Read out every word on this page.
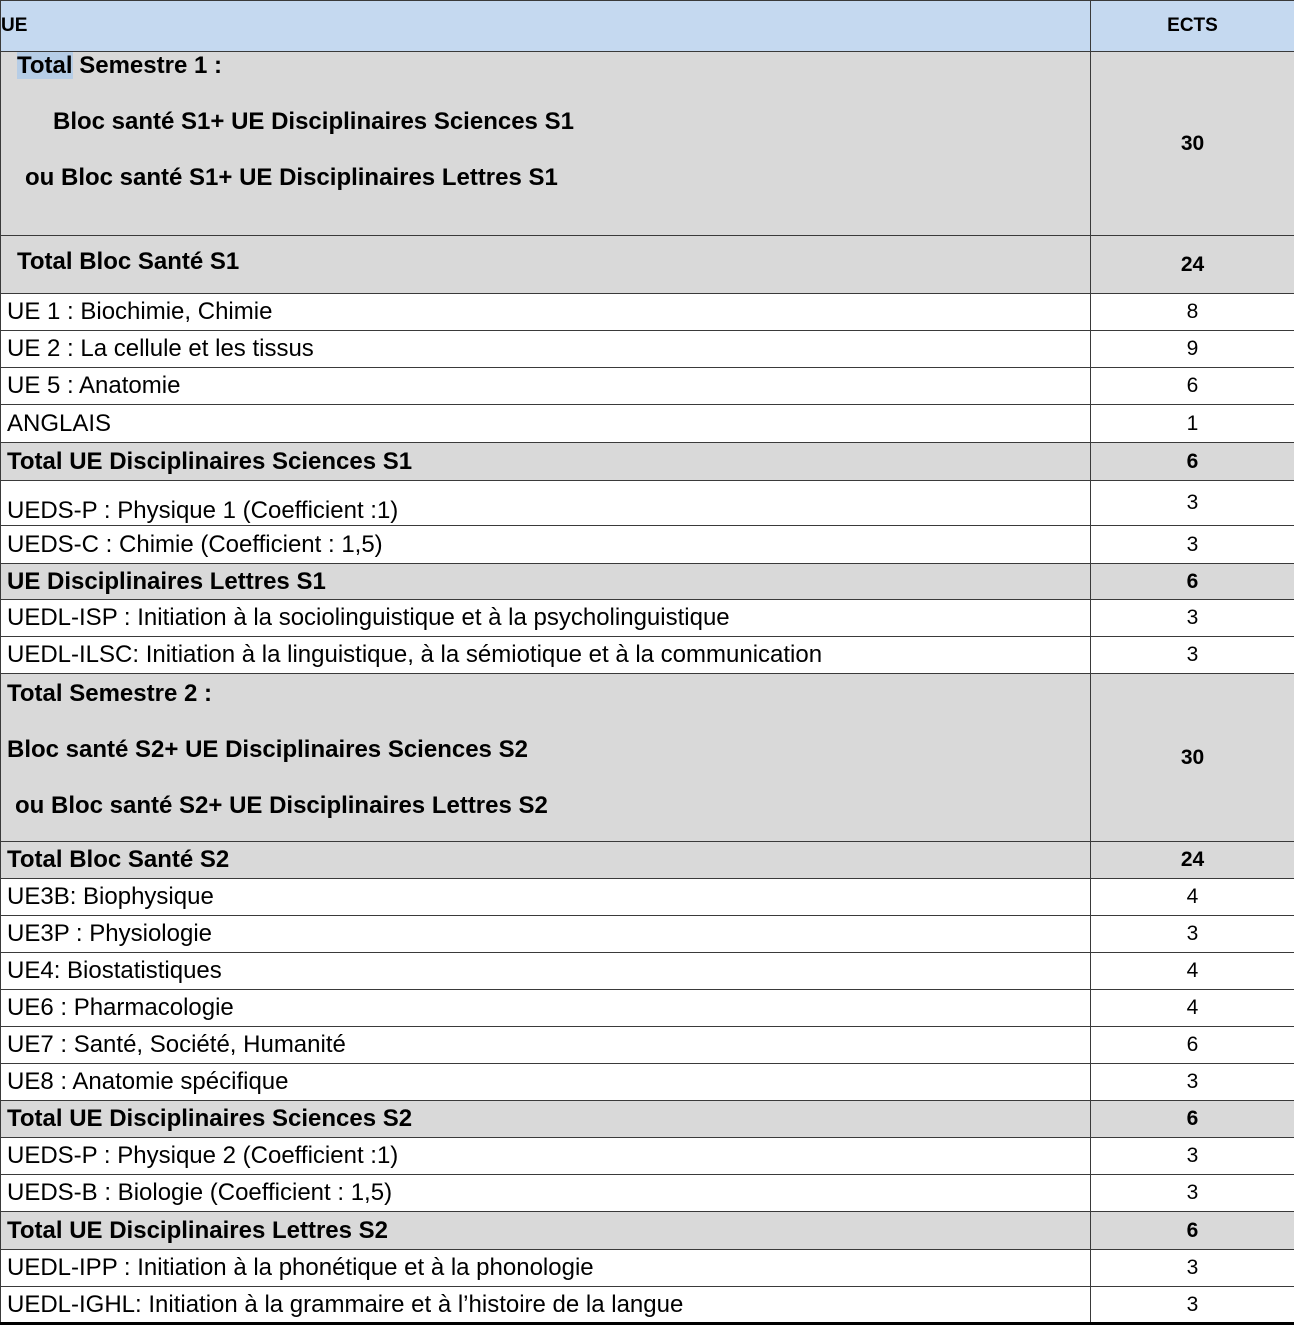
UE	ECTS

Total Semestre 1 :
Bloc santé S1+ UE Disciplinaires Sciences S1
ou Bloc santé S1+ UE Disciplinaires Lettres S1	30
Total Bloc Santé S1	24
UE 1 : Biochimie, Chimie	8
UE 2 : La cellule et les tissus	9
UE 5 : Anatomie	6
ANGLAIS	1
Total UE Disciplinaires Sciences S1	6
UEDS-P : Physique 1 (Coefficient :1)	3
UEDS-C : Chimie (Coefficient : 1,5)	3
UE Disciplinaires Lettres S1	6
UEDL-ISP : Initiation à la sociolinguistique et à la psycholinguistique	3
UEDL-ILSC: Initiation à la linguistique, à la sémiotique et à la communication	3

Total Semestre 2 :
Bloc santé S2+ UE Disciplinaires Sciences S2
ou Bloc santé S2+ UE Disciplinaires Lettres S2	30
Total Bloc Santé S2	24
UE3B: Biophysique	4
UE3P : Physiologie	3
UE4: Biostatistiques	4
UE6 : Pharmacologie	4
UE7 : Santé, Société, Humanité	6
UE8 : Anatomie spécifique	3
Total UE Disciplinaires Sciences S2	6
UEDS-P : Physique 2 (Coefficient :1)	3
UEDS-B : Biologie (Coefficient : 1,5)	3
Total UE Disciplinaires Lettres S2	6
UEDL-IPP : Initiation à la phonétique et à la phonologie	3
UEDL-IGHL: Initiation à la grammaire et à l’histoire de la langue	3
